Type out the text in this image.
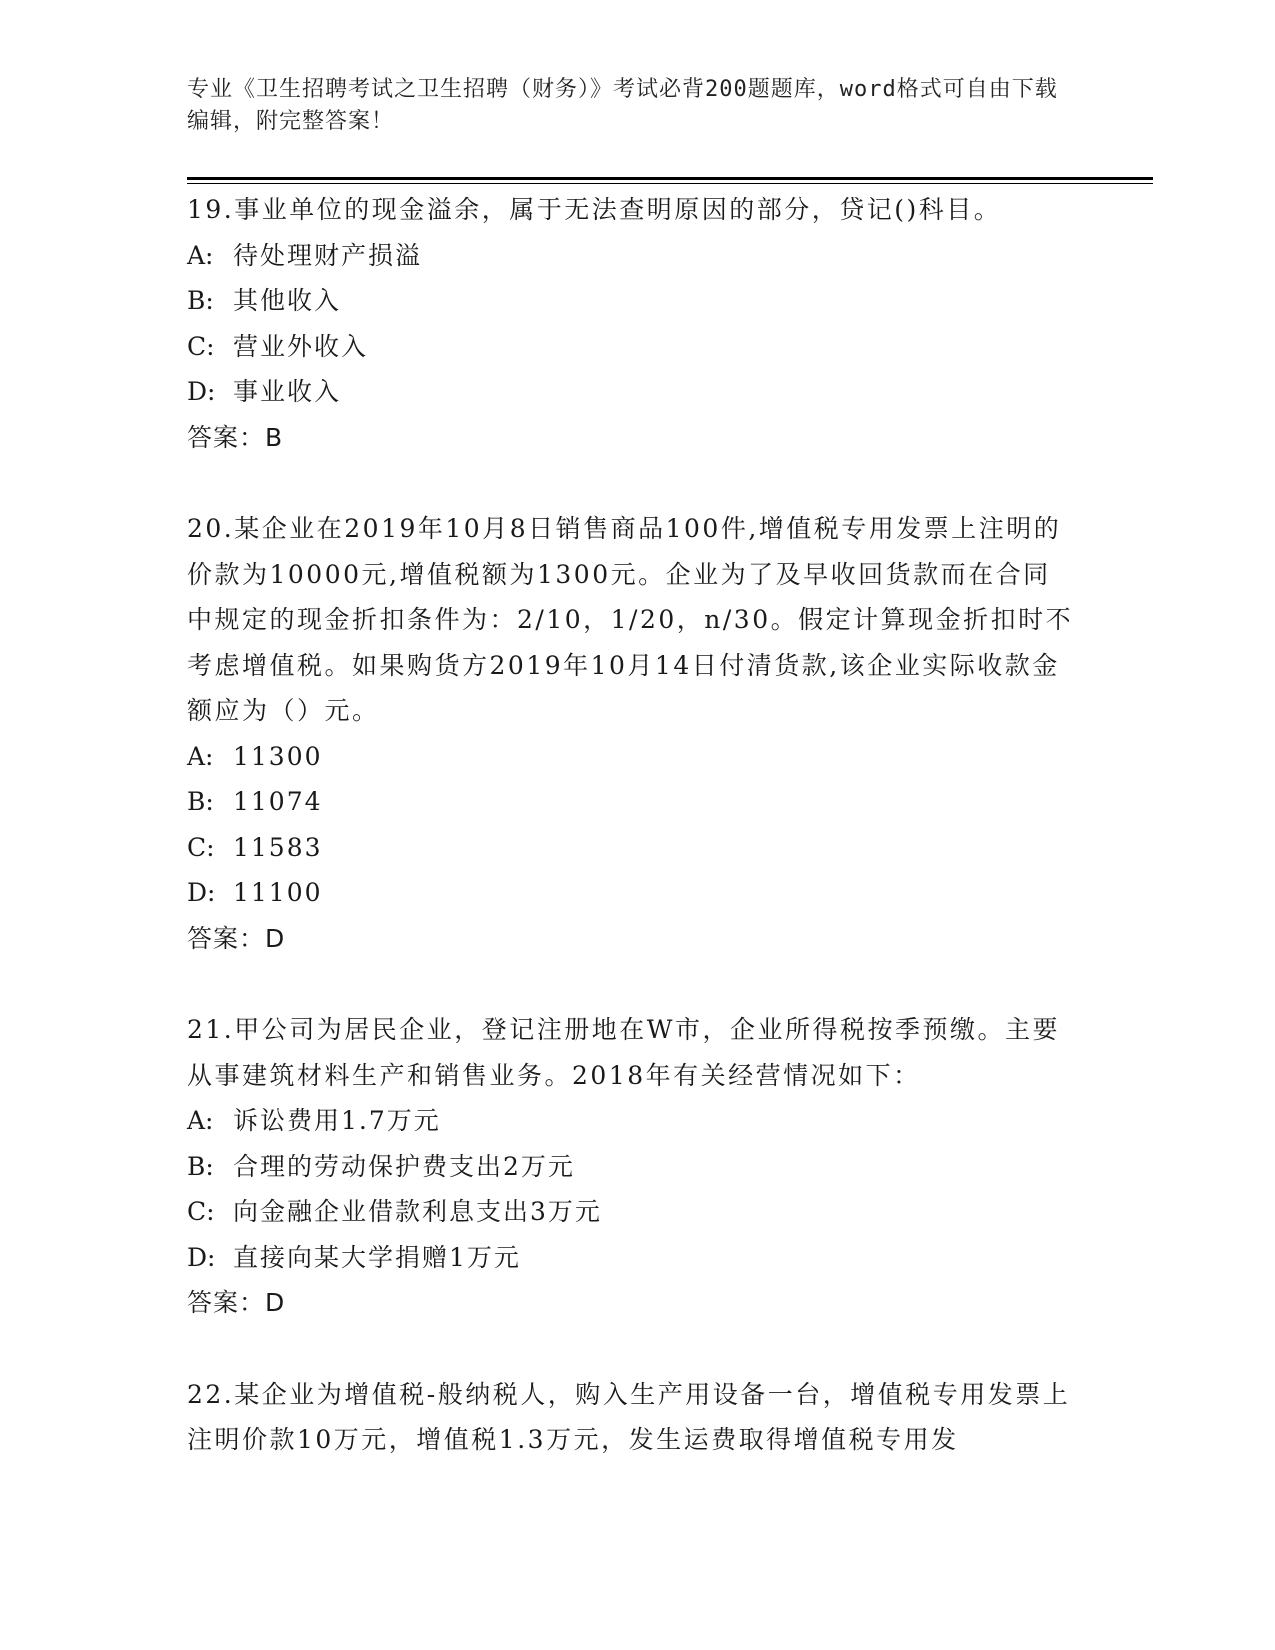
专业《卫生招聘考试之卫生招聘（财务）》考试必背200题题库，word格式可自由下载编辑，附完整答案！

19.事业单位的现金溢余，属于无法查明原因的部分，贷记()科目。

A: 待处理财产损溢

B: 其他收入

C: 营业外收入

D: 事业收入

答案：B

20.某企业在2019年10月8日销售商品100件,增值税专用发票上注明的价款为10000元,增值税额为1300元。企业为了及早收回货款而在合同中规定的现金折扣条件为：2/10，1/20，n/30。假定计算现金折扣时不考虑增值税。如果购货方2019年10月14日付清货款,该企业实际收款金额应为（）元。

A: 11300

B: 11074

C: 11583

D: 11100

答案：D

21.甲公司为居民企业，登记注册地在W市，企业所得税按季预缴。主要从事建筑材料生产和销售业务。2018年有关经营情况如下：

A: 诉讼费用1.7万元

B: 合理的劳动保护费支出2万元

C: 向金融企业借款利息支出3万元

D: 直接向某大学捐赠1万元

答案：D

22.某企业为增值税-般纳税人，购入生产用设备一台，增值税专用发票上注明价款10万元，增值税1.3万元，发生运费取得增值税专用发
